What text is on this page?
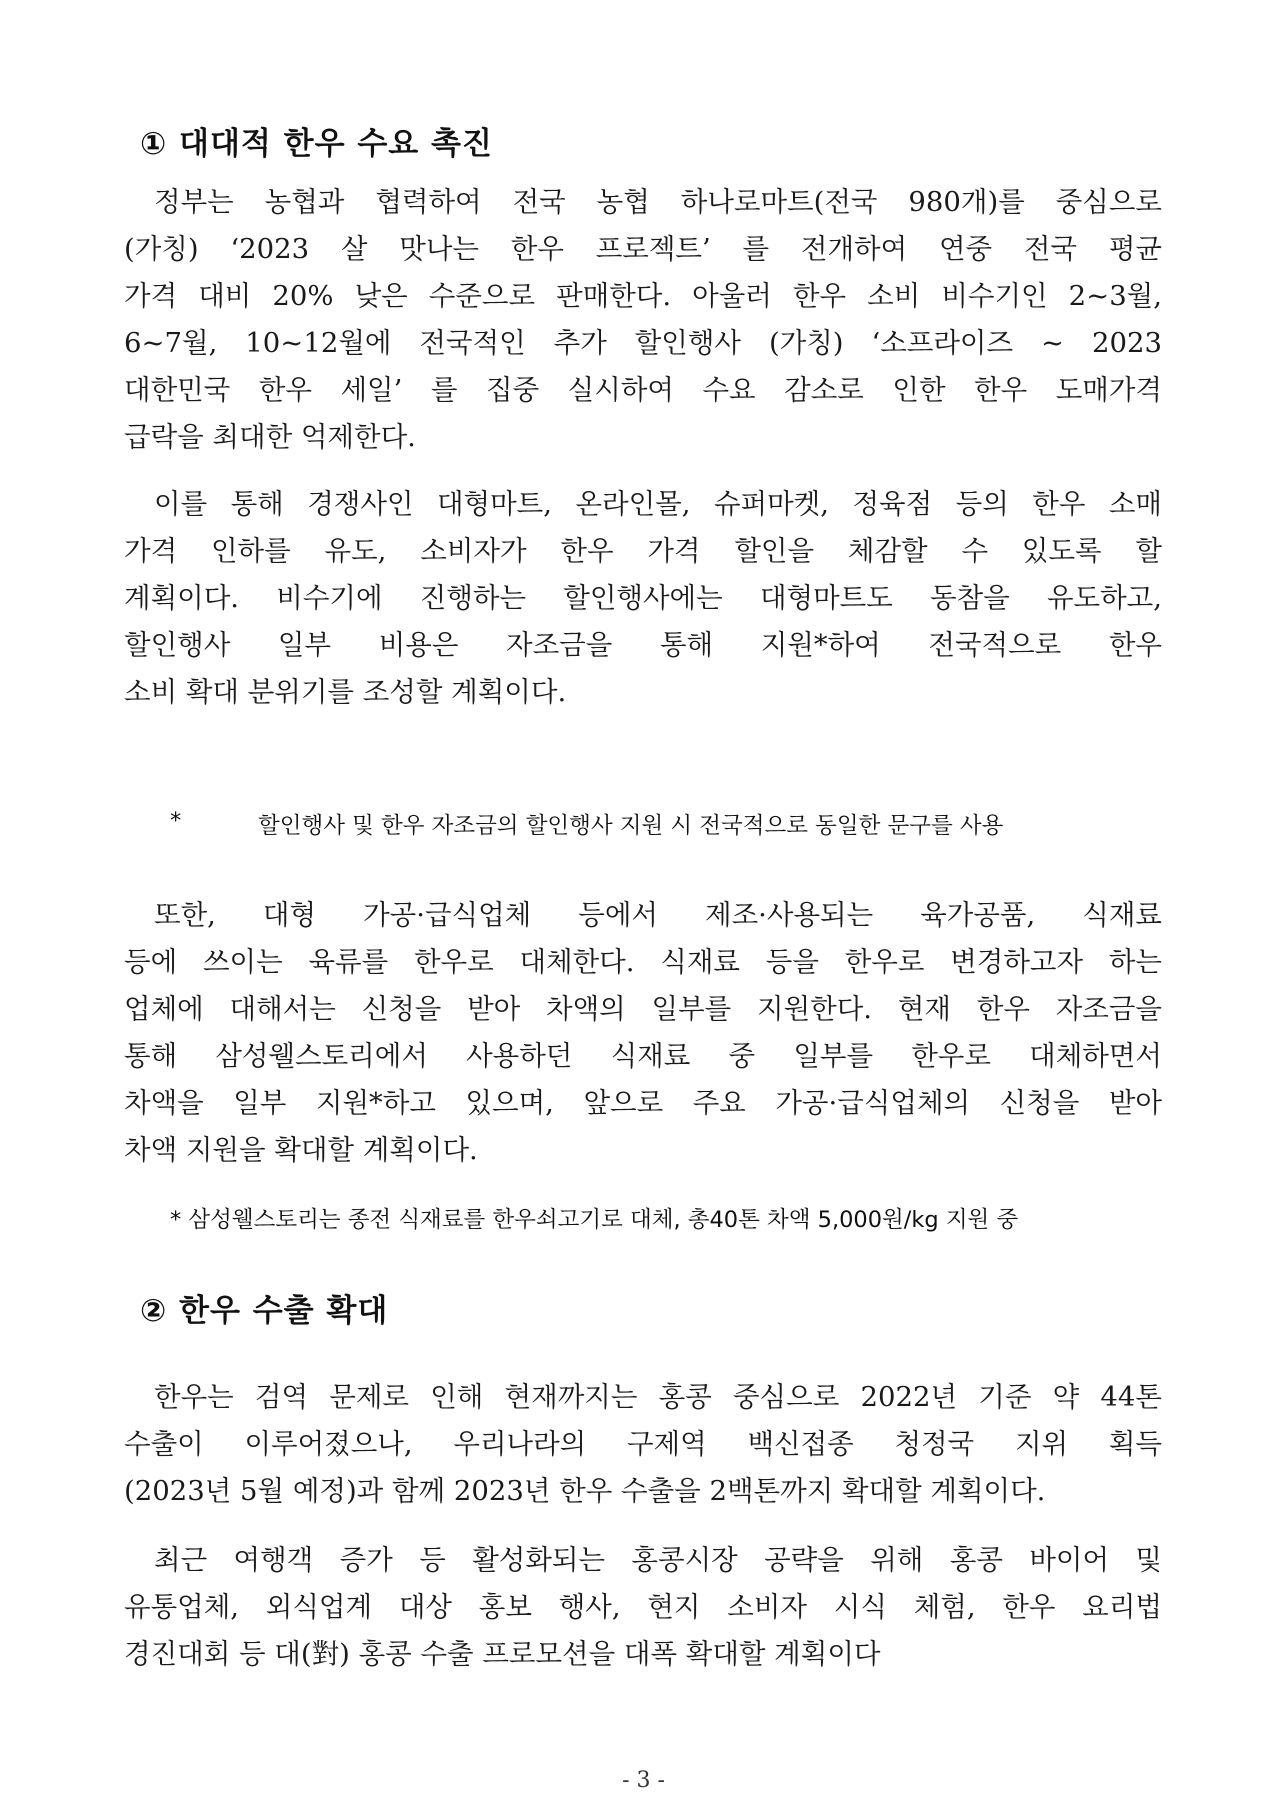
① 대대적 한우 수요 촉진

정부는 농협과 협력하여 전국 농협 하나로마트(전국 980개)를 중심으로
(가칭) ‘2023 살 맛나는 한우 프로젝트’ 를 전개하여 연중 전국 평균
가격 대비 20% 낮은 수준으로 판매한다. 아울러 한우 소비 비수기인 2~3월,
6~7월, 10~12월에 전국적인 추가 할인행사 (가칭) ‘소프라이즈 ~ 2023
대한민국 한우 세일’ 를 집중 실시하여 수요 감소로 인한 한우 도매가격
급락을 최대한 억제한다.

이를 통해 경쟁사인 대형마트, 온라인몰, 슈퍼마켓, 정육점 등의 한우 소매
가격 인하를 유도, 소비자가 한우 가격 할인을 체감할 수 있도록 할
계획이다. 비수기에 진행하는 할인행사에는 대형마트도 동참을 유도하고,
할인행사 일부 비용은 자조금을 통해 지원*하여 전국적으로 한우
소비 확대 분위기를 조성할 계획이다.

*	할인행사 및 한우 자조금의 할인행사 지원 시 전국적으로 동일한 문구를 사용

또한, 대형 가공·급식업체 등에서 제조·사용되는 육가공품, 식재료
등에 쓰이는 육류를 한우로 대체한다. 식재료 등을 한우로 변경하고자 하는
업체에 대해서는 신청을 받아 차액의 일부를 지원한다. 현재 한우 자조금을
통해 삼성웰스토리에서 사용하던 식재료 중 일부를 한우로 대체하면서
차액을 일부 지원*하고 있으며, 앞으로 주요 가공·급식업체의 신청을 받아
차액 지원을 확대할 계획이다.

* 삼성웰스토리는 종전 식재료를 한우쇠고기로 대체, 총40톤 차액 5,000원/kg 지원 중
② 한우 수출 확대

한우는 검역 문제로 인해 현재까지는 홍콩 중심으로 2022년 기준 약 44톤
수출이 이루어졌으나, 우리나라의 구제역 백신접종 청정국 지위 획득
(2023년 5월 예정)과 함께 2023년 한우 수출을 2백톤까지 확대할 계획이다.

최근 여행객 증가 등 활성화되는 홍콩시장 공략을 위해 홍콩 바이어 및
유통업체, 외식업계 대상 홍보 행사, 현지 소비자 시식 체험, 한우 요리법
경진대회 등 대(對) 홍콩 수출 프로모션을 대폭 확대할 계획이다

- 3 -
